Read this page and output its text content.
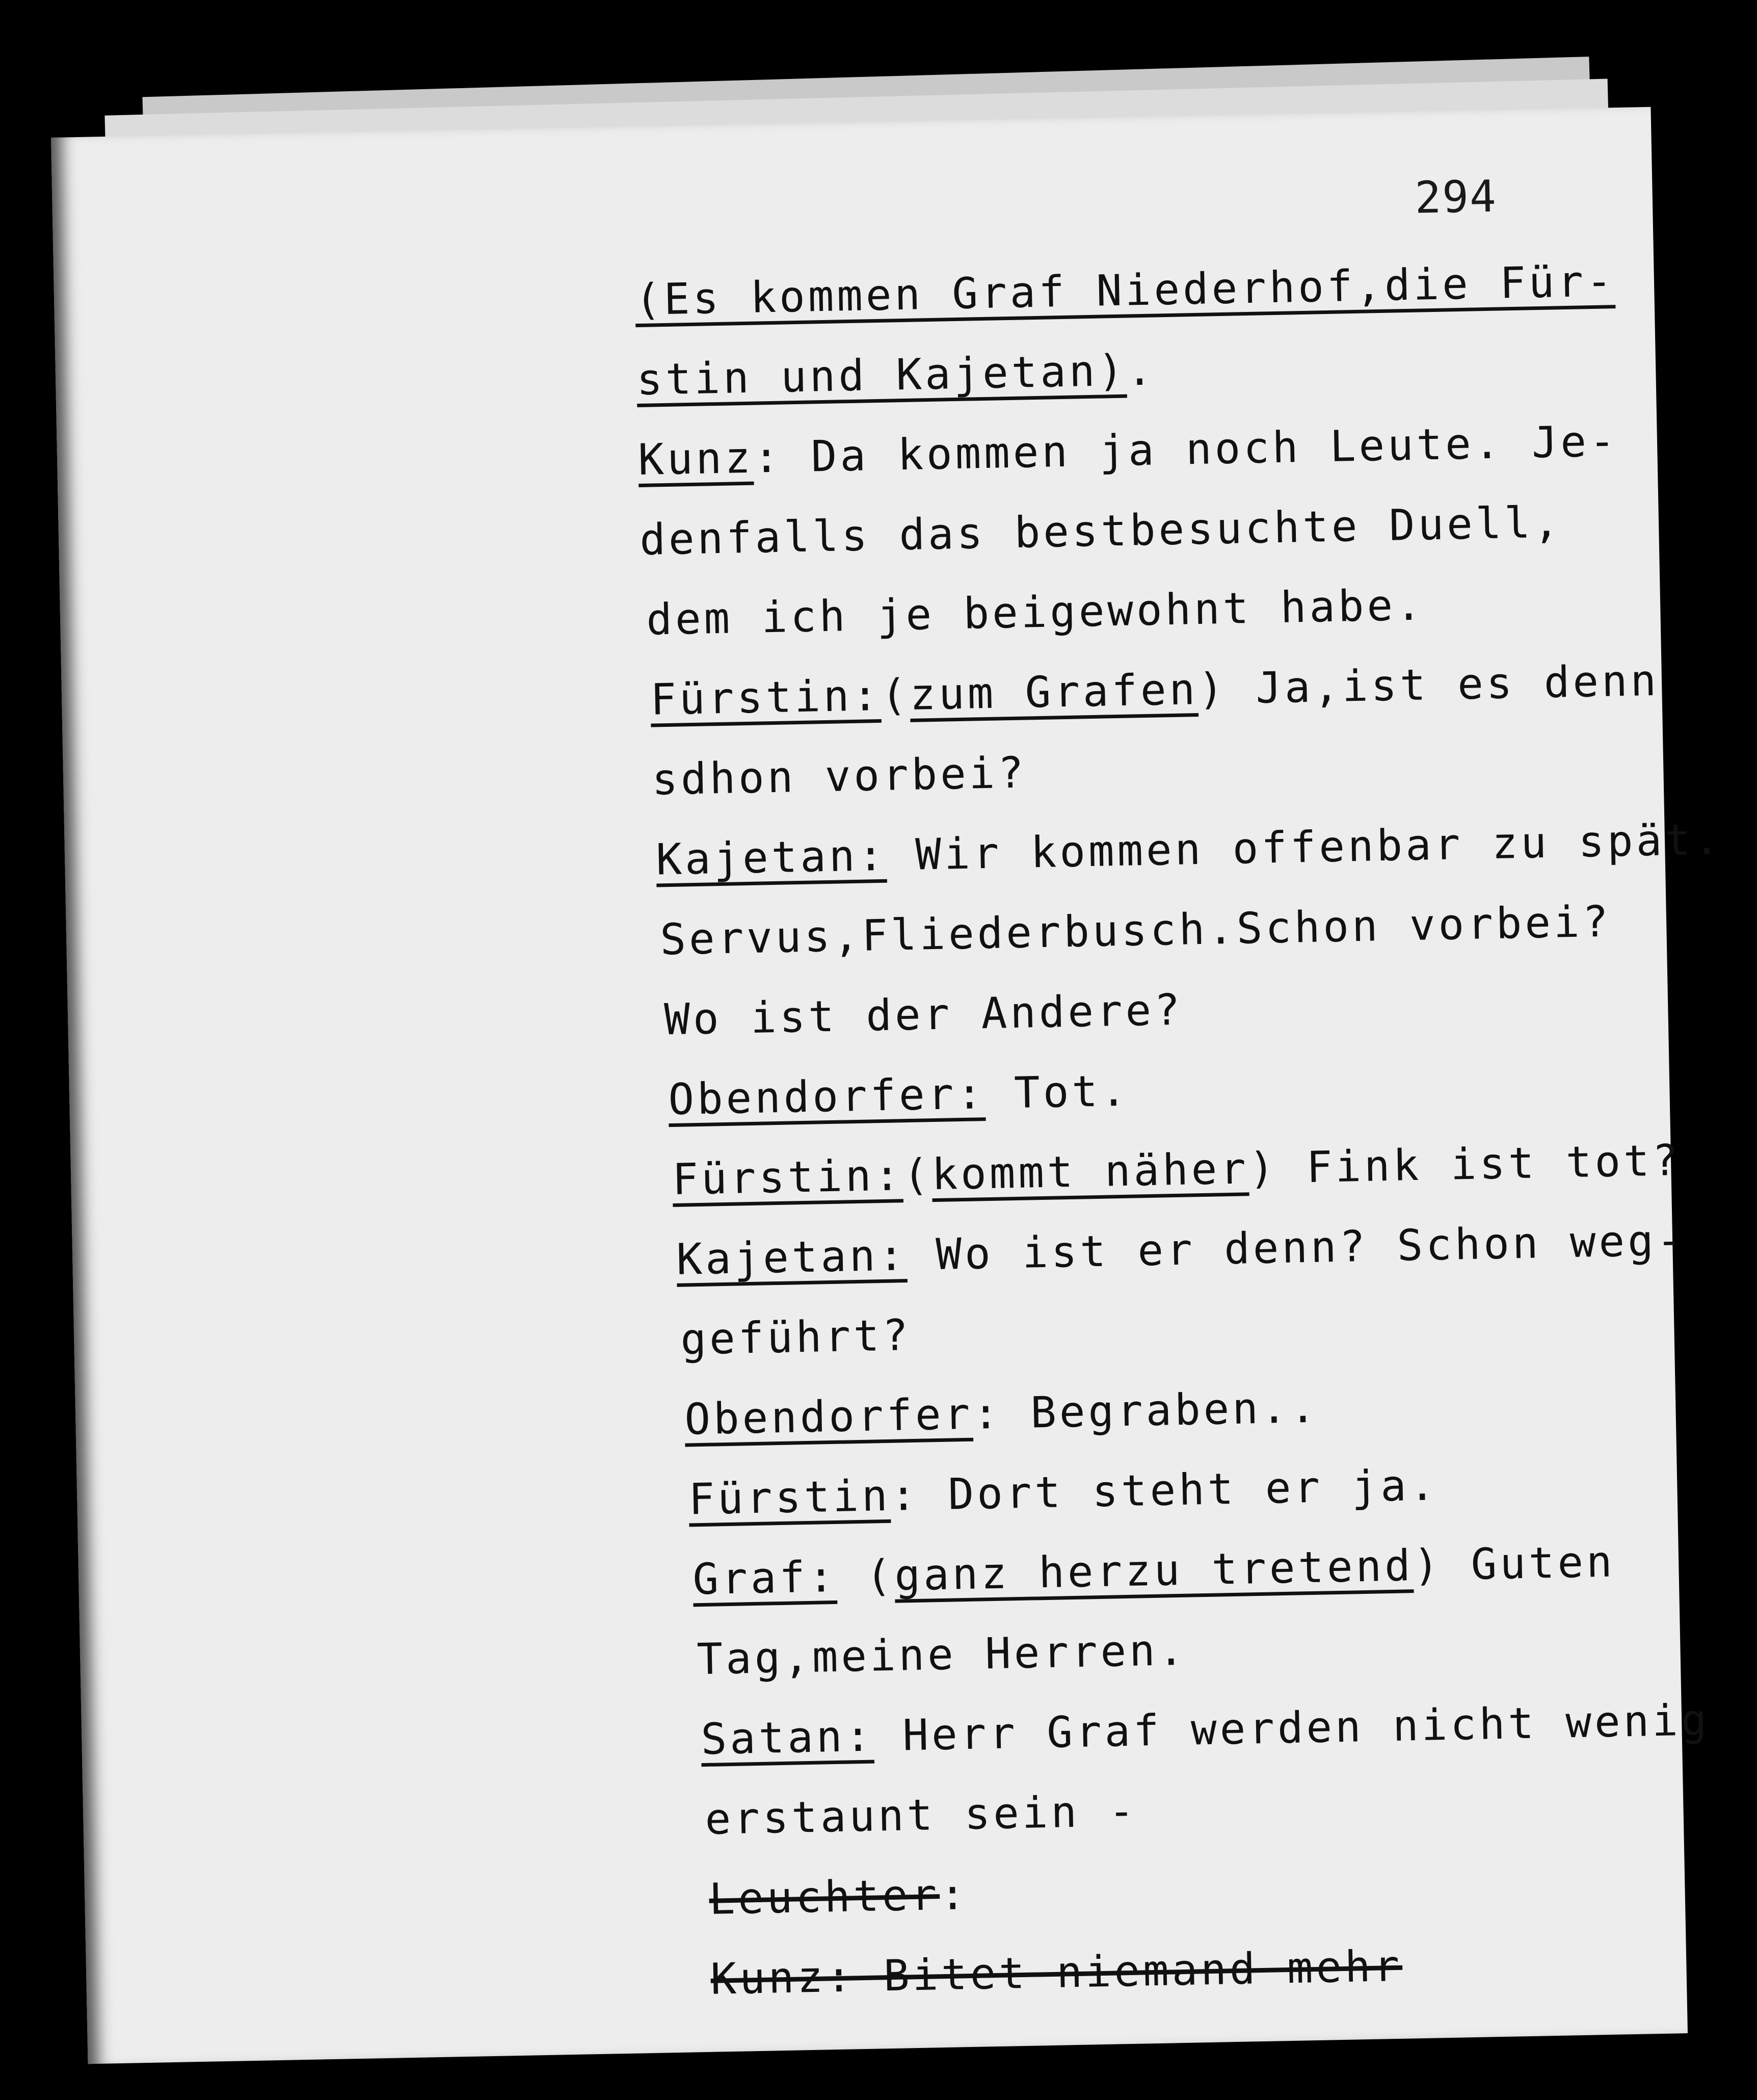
294
(Es kommen Graf Niederhof,die Für-
stin und Kajetan).
Kunz: Da kommen ja noch Leute. Je-
denfalls das bestbesuchte Duell,
dem ich je beigewohnt habe.
Fürstin:(zum Grafen) Ja,ist es denn
sdhon vorbei?
Kajetan: Wir kommen offenbar zu spät.
Servus,Fliederbusch.Schon vorbei?
Wo ist der Andere?
Obendorfer: Tot.
Fürstin:(kommt näher) Fink ist tot?
Kajetan: Wo ist er denn? Schon weg-
geführt?
Obendorfer: Begraben..
Fürstin: Dort steht er ja.
Graf: (ganz herzu tretend) Guten
Tag,meine Herren.
Satan: Herr Graf werden nicht wenig
erstaunt sein -
Leuchter:
Kunz: Bitet niemand mehr
